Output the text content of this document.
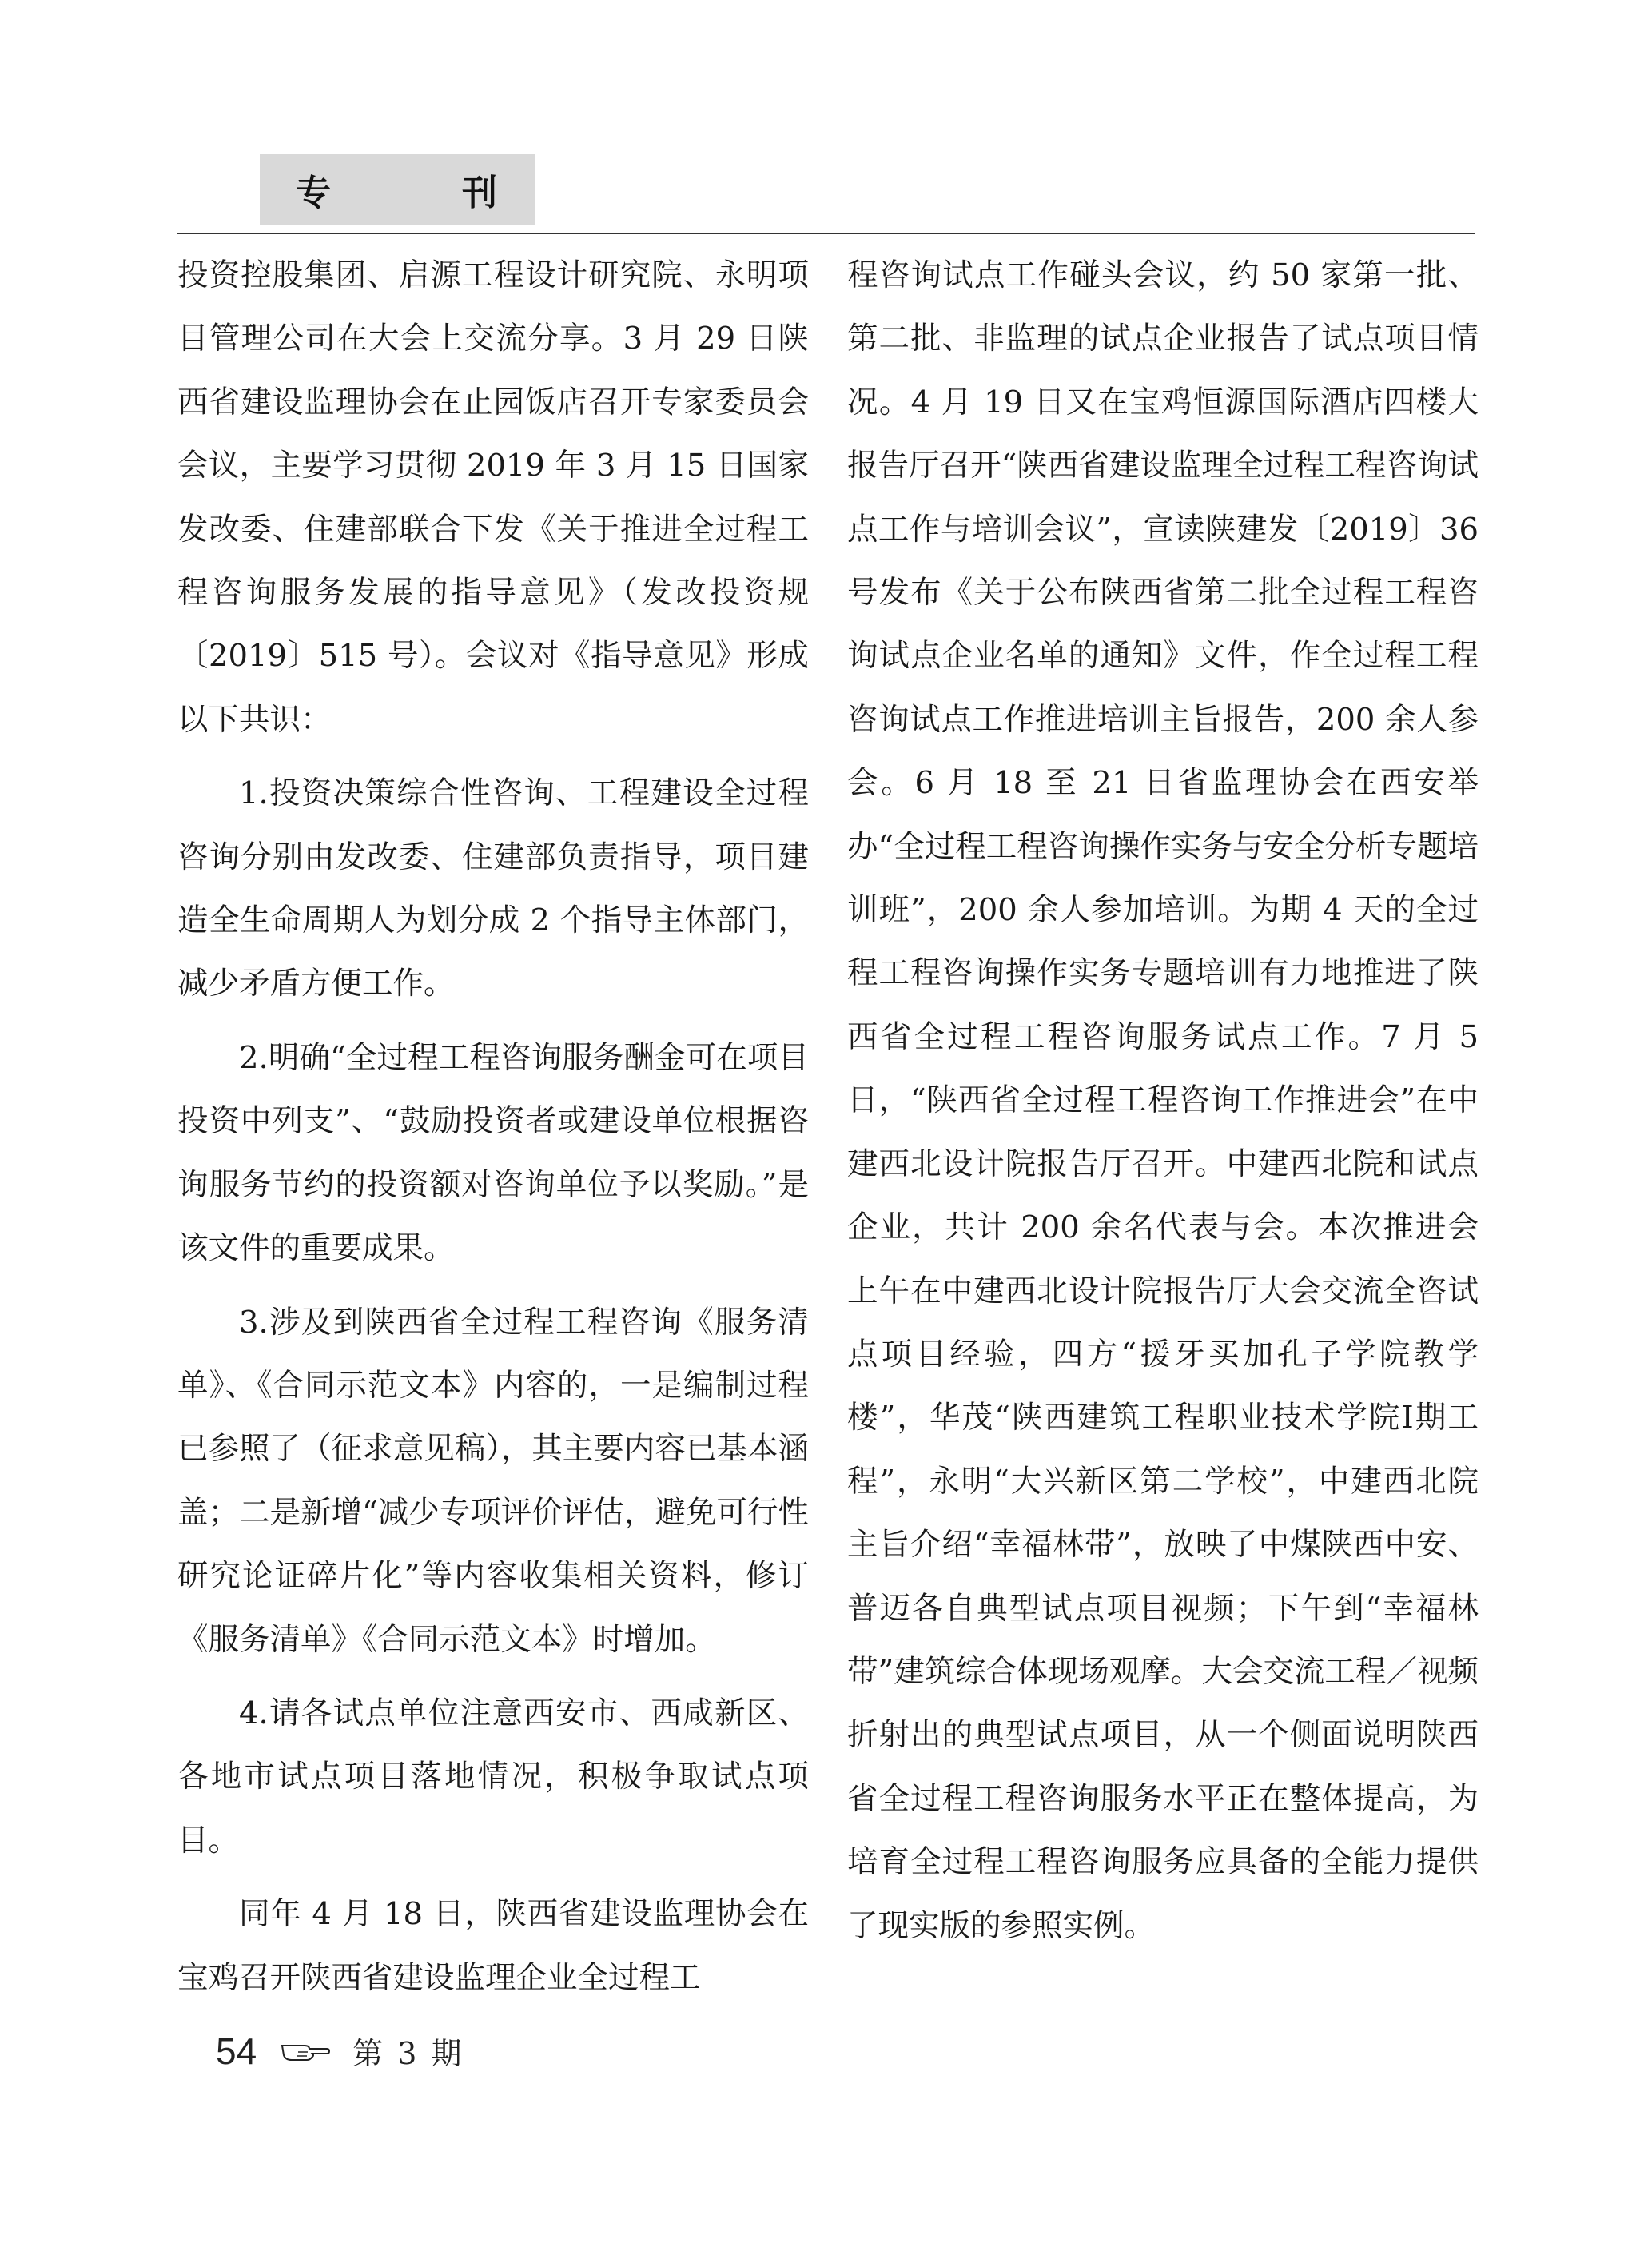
专	刊

投资控股集团、启源工程设计研究院、永明项目管理公司在大会上交流分享。3 月 29 日陕西省建设监理协会在止园饭店召开专家委员会会议，主要学习贯彻 2019 年 3 月 15 日国家发改委、住建部联合下发《关于推进全过程工程咨询服务发展的指导意见》（发改投资规〔2019〕515 号）。会议对《指导意见》形成以下共识：

1.投资决策综合性咨询、工程建设全过程咨询分别由发改委、住建部负责指导，项目建造全生命周期人为划分成 2 个指导主体部门，减少矛盾方便工作。

2.明确“全过程工程咨询服务酬金可在项目投资中列支”、“鼓励投资者或建设单位根据咨询服务节约的投资额对咨询单位予以奖励。”是该文件的重要成果。

3.涉及到陕西省全过程工程咨询《服务清单》、《合同示范文本》内容的，一是编制过程已参照了（征求意见稿），其主要内容已基本涵盖；二是新增“减少专项评价评估，避免可行性研究论证碎片化”等内容收集相关资料，修订《服务清单》《合同示范文本》时增加。

4.请各试点单位注意西安市、西咸新区、各地市试点项目落地情况，积极争取试点项目。

同年 4 月 18 日，陕西省建设监理协会在宝鸡召开陕西省建设监理企业全过程工

程咨询试点工作碰头会议，约 50 家第一批、第二批、非监理的试点企业报告了试点项目情况。4 月 19 日又在宝鸡恒源国际酒店四楼大报告厅召开“陕西省建设监理全过程工程咨询试点工作与培训会议”，宣读陕建发〔2019〕36 号发布《关于公布陕西省第二批全过程工程咨询试点企业名单的通知》文件，作全过程工程咨询试点工作推进培训主旨报告，200 余人参会。6 月 18 至 21 日省监理协会在西安举办“全过程工程咨询操作实务与安全分析专题培训班”，200 余人参加培训。为期 4 天的全过程工程咨询操作实务专题培训有力地推进了陕西省全过程工程咨询服务试点工作。7 月 5 日，“陕西省全过程工程咨询工作推进会”在中建西北设计院报告厅召开。中建西北院和试点企业，共计 200 余名代表与会。本次推进会上午在中建西北设计院报告厅大会交流全咨试点项目经验，四方“援牙买加孔子学院教学楼”，华茂“陕西建筑工程职业技术学院Ⅰ期工程”，永明“大兴新区第二学校”，中建西北院主旨介绍“幸福林带”，放映了中煤陕西中安、普迈各自典型试点项目视频；下午到“幸福林带”建筑综合体现场观摩。大会交流工程／视频折射出的典型试点项目，从一个侧面说明陕西省全过程工程咨询服务水平正在整体提高，为培育全过程工程咨询服务应具备的全能力提供了现实版的参照实例。

54	第 3 期
